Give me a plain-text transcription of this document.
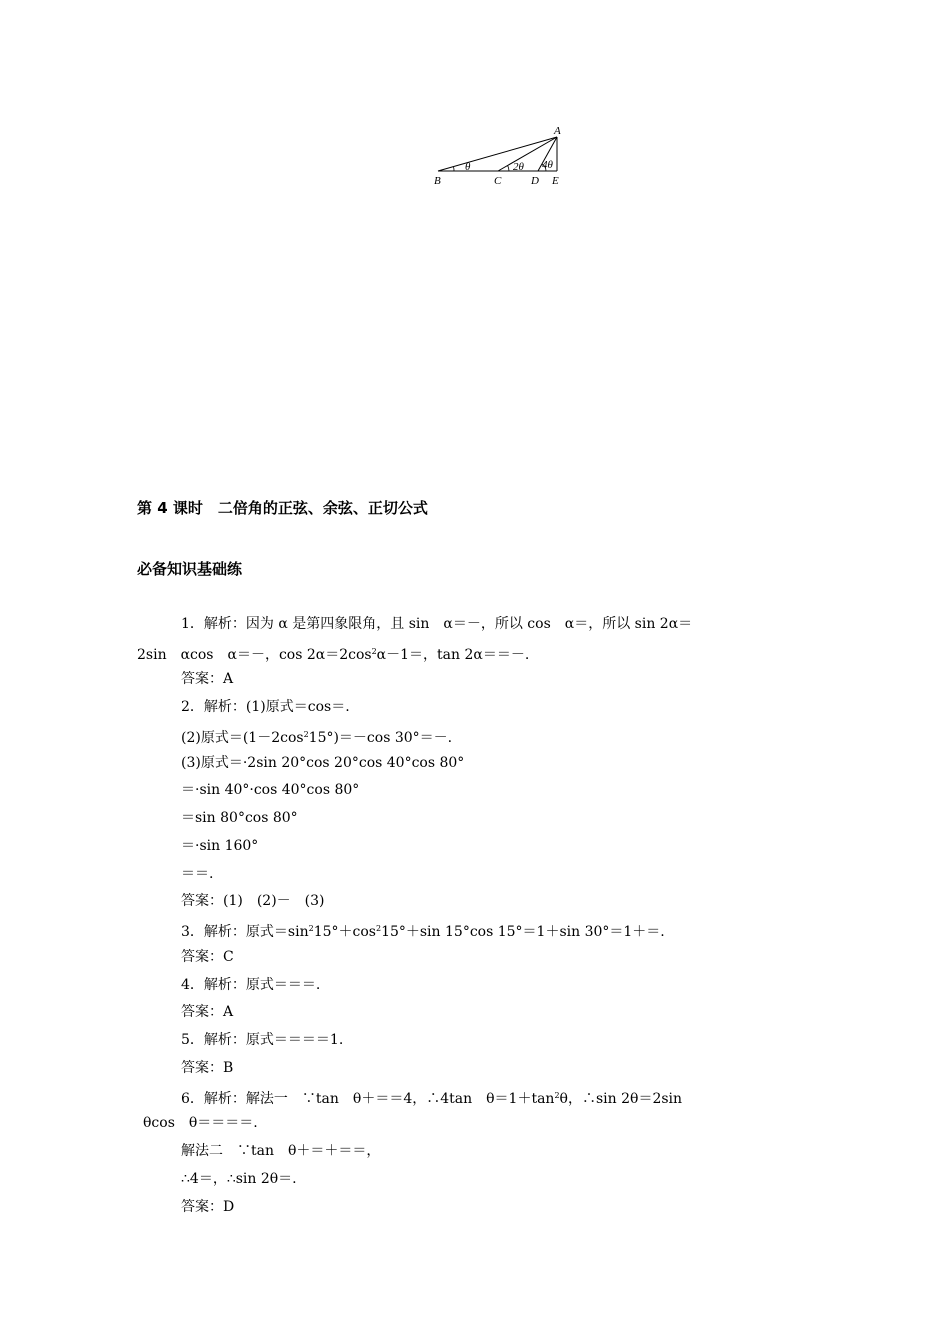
A
B	C	D E
θ	2θ 4θ
第 4 课时　二倍角的正弦、余弦、正切公式
必备知识基础练
1．解析：因为 α 是第四象限角，且 sin　α＝－，所以 cos　α＝，所以 sin 2α＝
2sin　αcos　α＝－，$\cos 2\alpha=2\cos^2\alpha-1=$，tan 2α＝＝－.
答案：A
2．解析：(1)原式＝cos＝.
(2)原式$=(1-2\cos^215^\circ)=-\cos$ 30°＝－.
(3)原式＝·2sin 20°cos 20°cos 40°cos 80°
＝·sin 40°·cos 40°cos 80°
＝sin 80°cos 80°
＝·sin 160°
＝＝.
答案：(1)　(2)－　(3)
3．解析：原式$=\sin^215^\circ+\cos^215^\circ+\sin$ 15°cos 15°＝1＋sin 30°＝1＋＝.
答案：C
4．解析：原式＝＝＝.
答案：A
5．解析：原式＝＝＝＝1.
答案：B
6．解析：解法一　∵tan　θ＋＝＝4，∴4tan　$\theta=1+\tan^2\theta$，∴sin 2θ＝2sin
θcos　θ＝＝＝＝.
解法二　∵tan　θ＋＝＋＝＝，
∴4＝，∴sin 2θ＝.
答案：D
